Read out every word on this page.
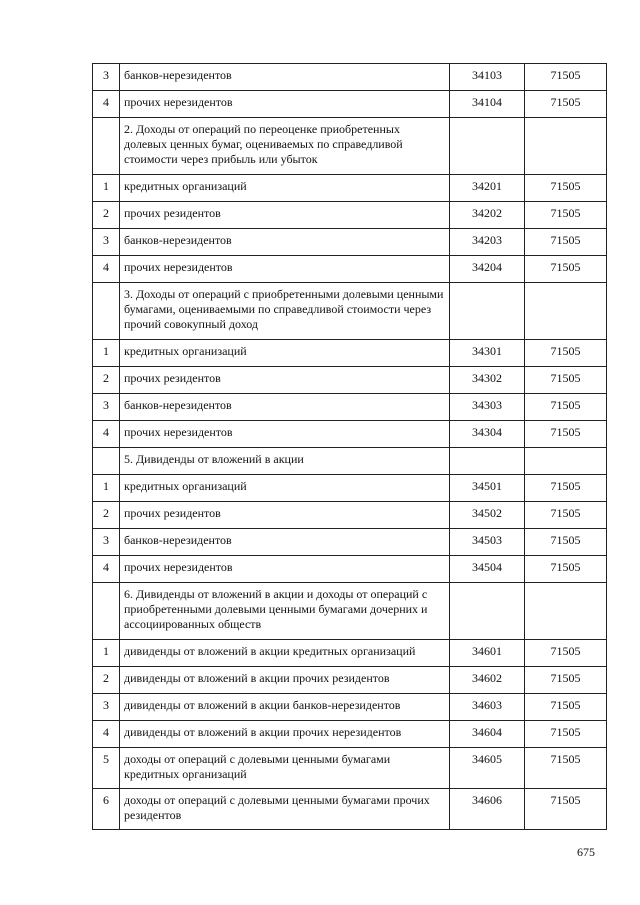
3	банков-нерезидентов	34103	71505
4	прочих нерезидентов	34104	71505
	2. Доходы от операций по переоценке приобретенных долевых ценных бумаг, оцениваемых по справедливой стоимости через прибыль или убыток		
1	кредитных организаций	34201	71505
2	прочих резидентов	34202	71505
3	банков-нерезидентов	34203	71505
4	прочих нерезидентов	34204	71505
	3. Доходы от операций с приобретенными долевыми ценными бумагами, оцениваемыми по справедливой стоимости через прочий совокупный доход		
1	кредитных организаций	34301	71505
2	прочих резидентов	34302	71505
3	банков-нерезидентов	34303	71505
4	прочих нерезидентов	34304	71505
	5. Дивиденды от вложений в акции		
1	кредитных организаций	34501	71505
2	прочих резидентов	34502	71505
3	банков-нерезидентов	34503	71505
4	прочих нерезидентов	34504	71505
	6. Дивиденды от вложений в акции и доходы от операций с приобретенными долевыми ценными бумагами дочерних и ассоциированных обществ		
1	дивиденды от вложений в акции кредитных организаций	34601	71505
2	дивиденды от вложений в акции прочих резидентов	34602	71505
3	дивиденды от вложений в акции банков-нерезидентов	34603	71505
4	дивиденды от вложений в акции прочих нерезидентов	34604	71505
5	доходы от операций с долевыми ценными бумагами кредитных организаций	34605	71505
6	доходы от операций с долевыми ценными бумагами прочих резидентов	34606	71505
675
